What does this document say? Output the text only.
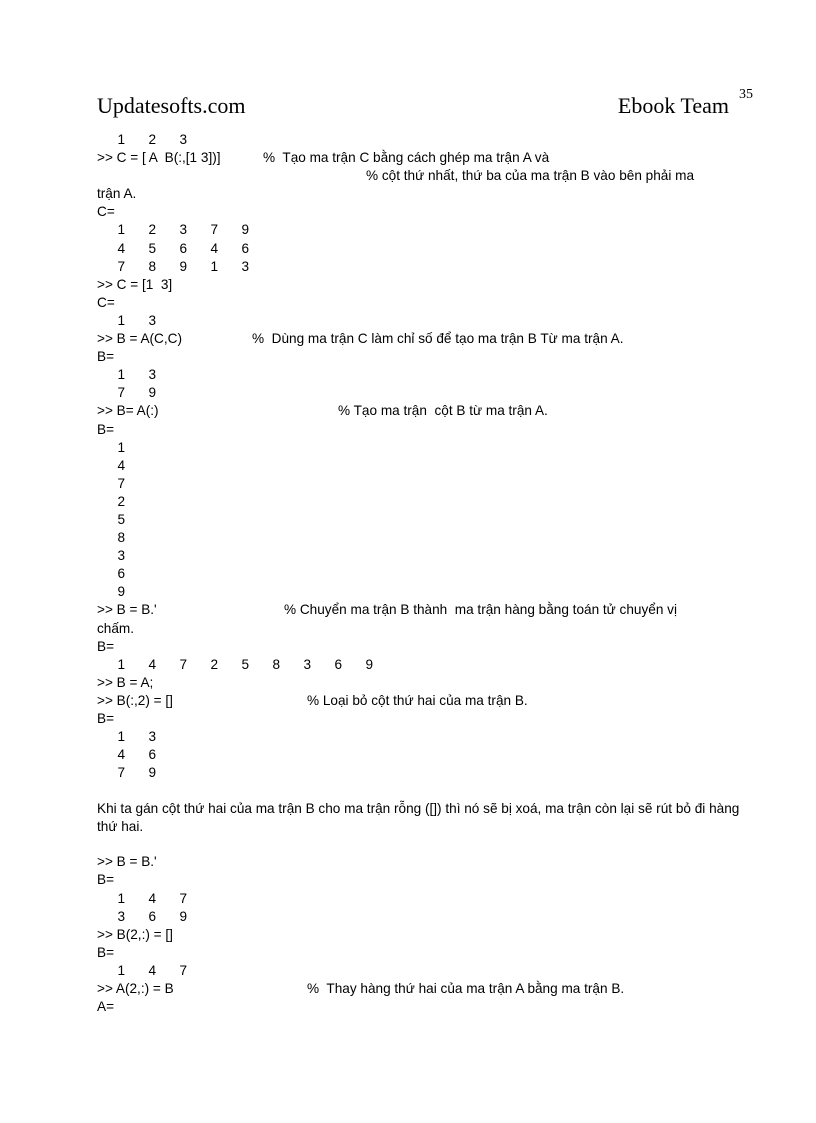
Updatesofts.com	Ebook Team $^{35}$
1	2	3
>> C = [ A  B(:,[1 3])]	%  Tạo ma trận C bằng cách ghép ma trận A và
% cột thứ nhất, thứ ba của ma trận B vào bên phải ma
trận A.
C=
1	2	3	7	9
4	5	6	4	6
7	8	9	1	3
>> C = [1  3]
C=
1	3
>> B = A(C,C)	%  Dùng ma trận C làm chỉ số để tạo ma trận B Từ ma trận A.
B=
1	3
7	9
>> B= A(:)	% Tạo ma trận  cột B từ ma trận A.
B=
1
4
7
2
5
8
3
6
9
>> B = B.'	% Chuyển ma trận B thành  ma trận hàng bằng toán tử chuyển vị
chấm.
B=
1	4	7	2	5	8	3	6	9
>> B = A;
>> B(:,2) = []	% Loại bỏ cột thứ hai của ma trận B.
B=
1	3
4	6
7	9

Khi ta gán cột thứ hai của ma trận B cho ma trận rỗng ([]) thì nó sẽ bị xoá, ma trận còn lại sẽ rút bỏ đi hàng thứ hai.

>> B = B.'
B=
1	4	7
3	6	9
>> B(2,:) = []
B=
1	4	7
>> A(2,:) = B	%  Thay hàng thứ hai của ma trận A bằng ma trận B.
A=
